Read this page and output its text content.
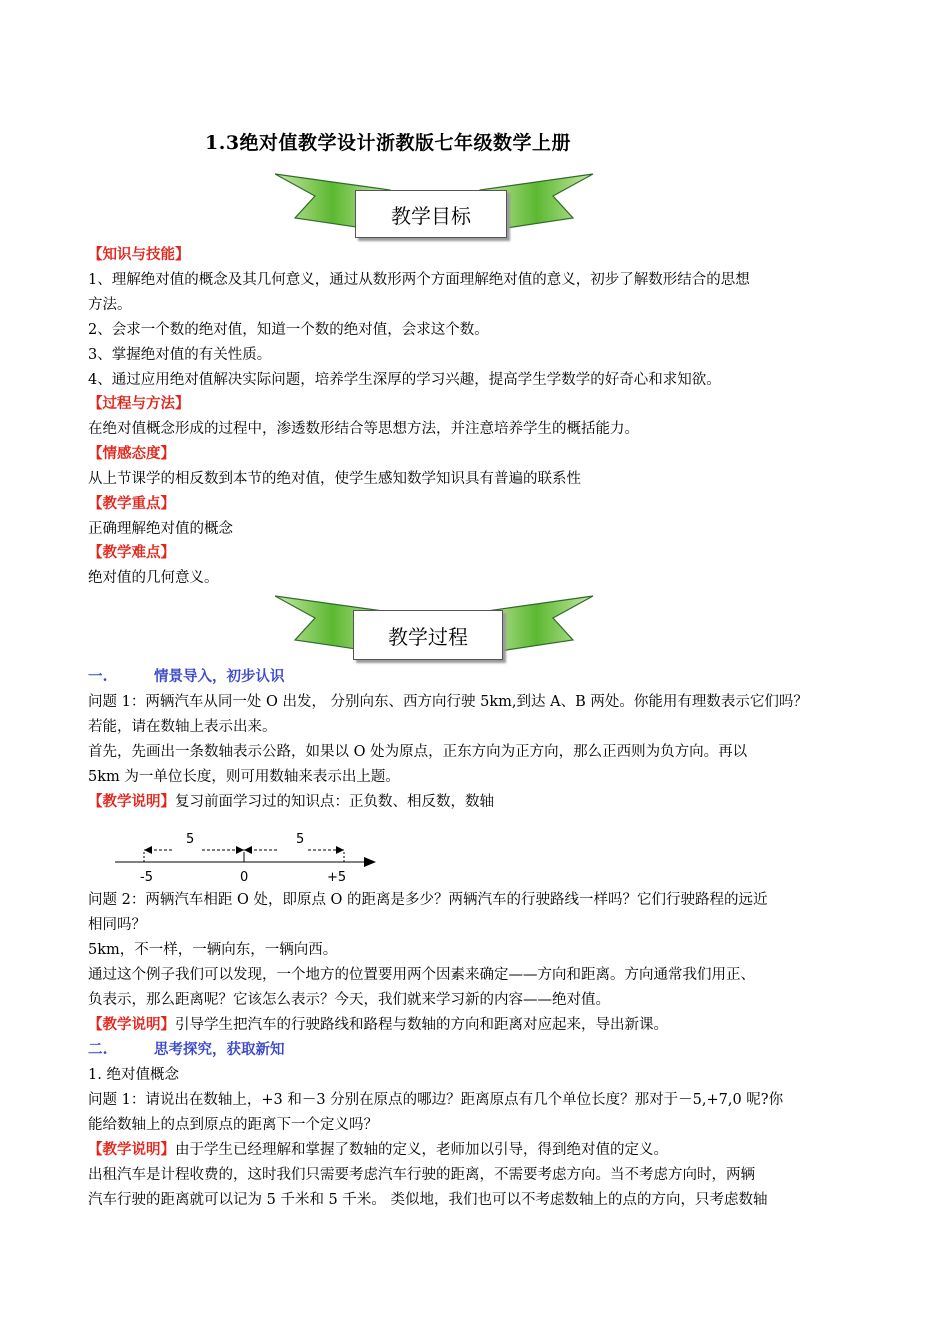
1.3绝对值教学设计浙教版七年级数学上册
教学目标
【知识与技能】
1、理解绝对值的概念及其几何意义，通过从数形两个方面理解绝对值的意义，初步了解数形结合的思想
方法。
2、会求一个数的绝对值，知道一个数的绝对值，会求这个数。
3、掌握绝对值的有关性质。
4、通过应用绝对值解决实际问题，培养学生深厚的学习兴趣，提高学生学数学的好奇心和求知欲。
【过程与方法】
在绝对值概念形成的过程中，渗透数形结合等思想方法，并注意培养学生的概括能力。
【情感态度】
从上节课学的相反数到本节的绝对值，使学生感知数学知识具有普遍的联系性
【教学重点】
正确理解绝对值的概念
【教学难点】
绝对值的几何意义。
教学过程
一.	情景导入，初步认识
问题 1：两辆汽车从同一处 O 出发， 分别向东、西方向行驶 5km,到达 A、B 两处。你能用有理数表示它们吗？
若能，请在数轴上表示出来。
首先，先画出一条数轴表示公路，如果以 O 处为原点，正东方向为正方向，那么正西则为负方向。再以
5km 为一单位长度，则可用数轴来表示出上题。
【教学说明】复习前面学习过的知识点：正负数、相反数，数轴
5	5
-5	0	+5
问题 2：两辆汽车相距 O 处，即原点 O 的距离是多少？两辆汽车的行驶路线一样吗？它们行驶路程的远近
相同吗？
5km，不一样，一辆向东，一辆向西。
通过这个例子我们可以发现，一个地方的位置要用两个因素来确定——方向和距离。方向通常我们用正、
负表示，那么距离呢？它该怎么表示？今天，我们就来学习新的内容——绝对值。
【教学说明】引导学生把汽车的行驶路线和路程与数轴的方向和距离对应起来，导出新课。
二.	思考探究，获取新知
1. 绝对值概念
问题 1：请说出在数轴上，+3 和－3 分别在原点的哪边？距离原点有几个单位长度？那对于－5,+7,0 呢?你
能给数轴上的点到原点的距离下一个定义吗？
【教学说明】由于学生已经理解和掌握了数轴的定义，老师加以引导，得到绝对值的定义。
出租汽车是计程收费的，这时我们只需要考虑汽车行驶的距离，不需要考虑方向。当不考虑方向时，两辆
汽车行驶的距离就可以记为 5 千米和 5 千米。 类似地，我们也可以不考虑数轴上的点的方向，只考虑数轴
